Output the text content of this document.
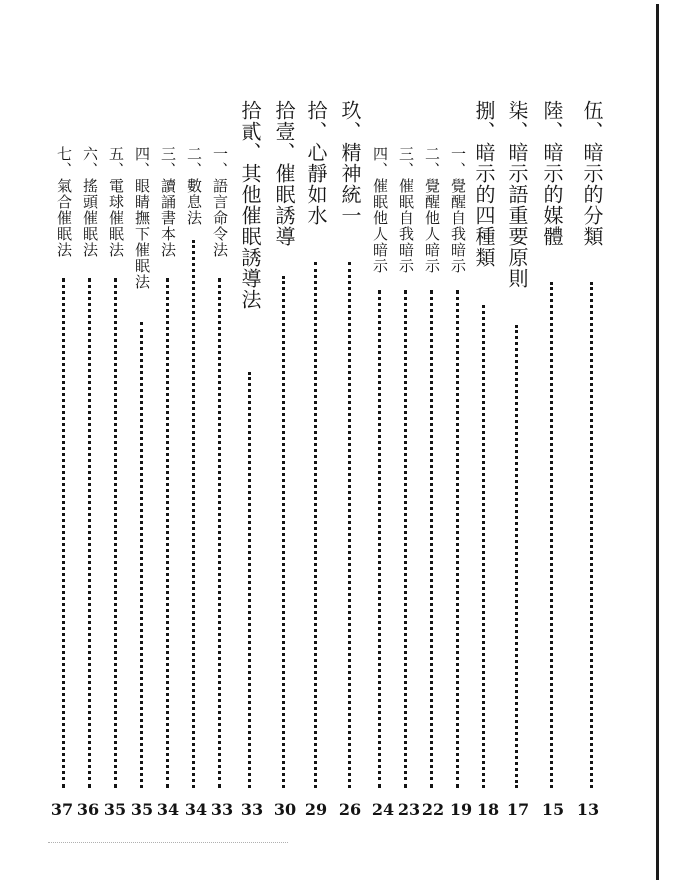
伍、暗示的分類
13
陸、暗示的媒體
15
柒、暗示語重要原則
17
捌、暗示的四種類
18
一、覺醒自我暗示
19
二、覺醒他人暗示
22
三、催眠自我暗示
23
四、催眠他人暗示
24
玖、精神統一
26
拾、心靜如水
29
拾壹、催眠誘導
30
拾貳、其他催眠誘導法
33
一、語言命令法
33
二、數息法
34
三、讀誦書本法
34
四、眼睛撫下催眠法
35
五、電球催眠法
35
六、搖頭催眠法
36
七、氣合催眠法
37
